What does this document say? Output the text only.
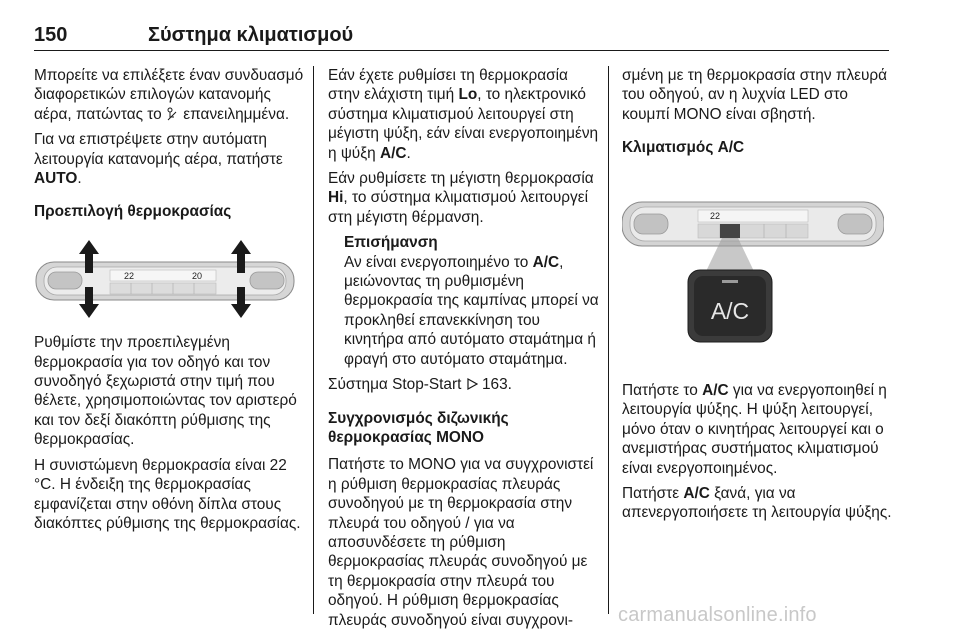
150	Σύστημα κλιματισμού

Μπορείτε να επιλέξετε έναν συνδυασμό διαφορετικών επιλογών κατανομής αέρα, πατώντας το επανειλημμένα.

Για να επιστρέψετε στην αυτόματη λειτουργία κατανομής αέρα, πατήστε AUTO.

Προεπιλογή θερμοκρασίας
22	20

Ρυθμίστε την προεπιλεγμένη θερμοκρασία για τον οδηγό και τον συνοδηγό ξεχωριστά στην τιμή που θέλετε, χρησιμοποιώντας τον αριστερό και τον δεξί διακόπτη ρύθμισης της θερμοκρασίας.

Η συνιστώμενη θερμοκρασία είναι 22 °C. Η ένδειξη της θερμοκρασίας εμφανίζεται στην οθόνη δίπλα στους διακόπτες ρύθμισης της θερμοκρασίας.

Εάν έχετε ρυθμίσει τη θερμοκρασία στην ελάχιστη τιμή Lo, το ηλεκτρονικό σύστημα κλιματισμού λειτουργεί στη μέγιστη ψύξη, εάν είναι ενεργοποιημένη η ψύξη A/C.

Εάν ρυθμίσετε τη μέγιστη θερμοκρασία Hi, το σύστημα κλιματισμού λειτουργεί στη μέγιστη θέρμανση.

Επισήμανση

Αν είναι ενεργοποιημένο το A/C, μειώνοντας τη ρυθμισμένη θερμοκρασία της καμπίνας μπορεί να προκληθεί επανεκκίνηση του κινητήρα από αυτόματο σταμάτημα ή φραγή στο αυτόματο σταμάτημα.

Σύστημα Stop-Start 163.

Συγχρονισμός διζωνικής θερμοκρασίας MONO

Πατήστε το MONO για να συγχρονιστεί η ρύθμιση θερμοκρασίας πλευράς συνοδηγού με τη θερμοκρασία στην πλευρά του οδηγού / για να αποσυνδέσετε τη ρύθμιση θερμοκρασίας πλευράς συνοδηγού με τη θερμοκρασία στην πλευρά του οδηγού. Η ρύθμιση θερμοκρασίας πλευράς συνοδηγού είναι συγχρονι-

σμένη με τη θερμοκρασία στην πλευρά του οδηγού, αν η λυχνία LED στο κουμπί MONO είναι σβηστή.

Κλιματισμός A/C
22
A/C

Πατήστε το A/C για να ενεργοποιηθεί η λειτουργία ψύξης. Η ψύξη λειτουργεί, μόνο όταν ο κινητήρας λειτουργεί και ο ανεμιστήρας συστήματος κλιματισμού είναι ενεργοποιημένος.

Πατήστε A/C ξανά, για να απενεργοποιήσετε τη λειτουργία ψύξης.

carmanualsonline.info
